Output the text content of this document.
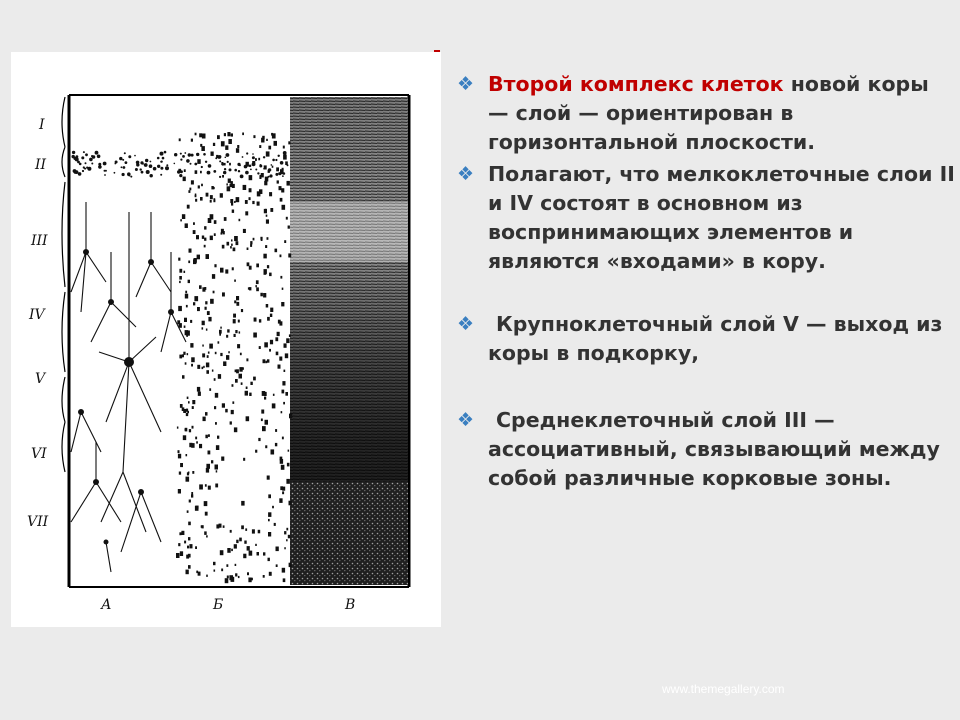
I
II
III
IV
V
VI
VII
А	Б	В
❖ Второй комплекс клеток новой коры — слой — ориентирован в горизонтальной плоскости.
❖ Полагают, что мелкоклеточные слои II и IV состоят в основном из воспринимающих элементов и являются «входами» в кору.
❖	Крупноклеточный слой V — выход из коры в подкорку,
❖	Среднеклеточный слой III — ассоциативный, связывающий между собой различные корковые зоны.
www.themegallery.com
